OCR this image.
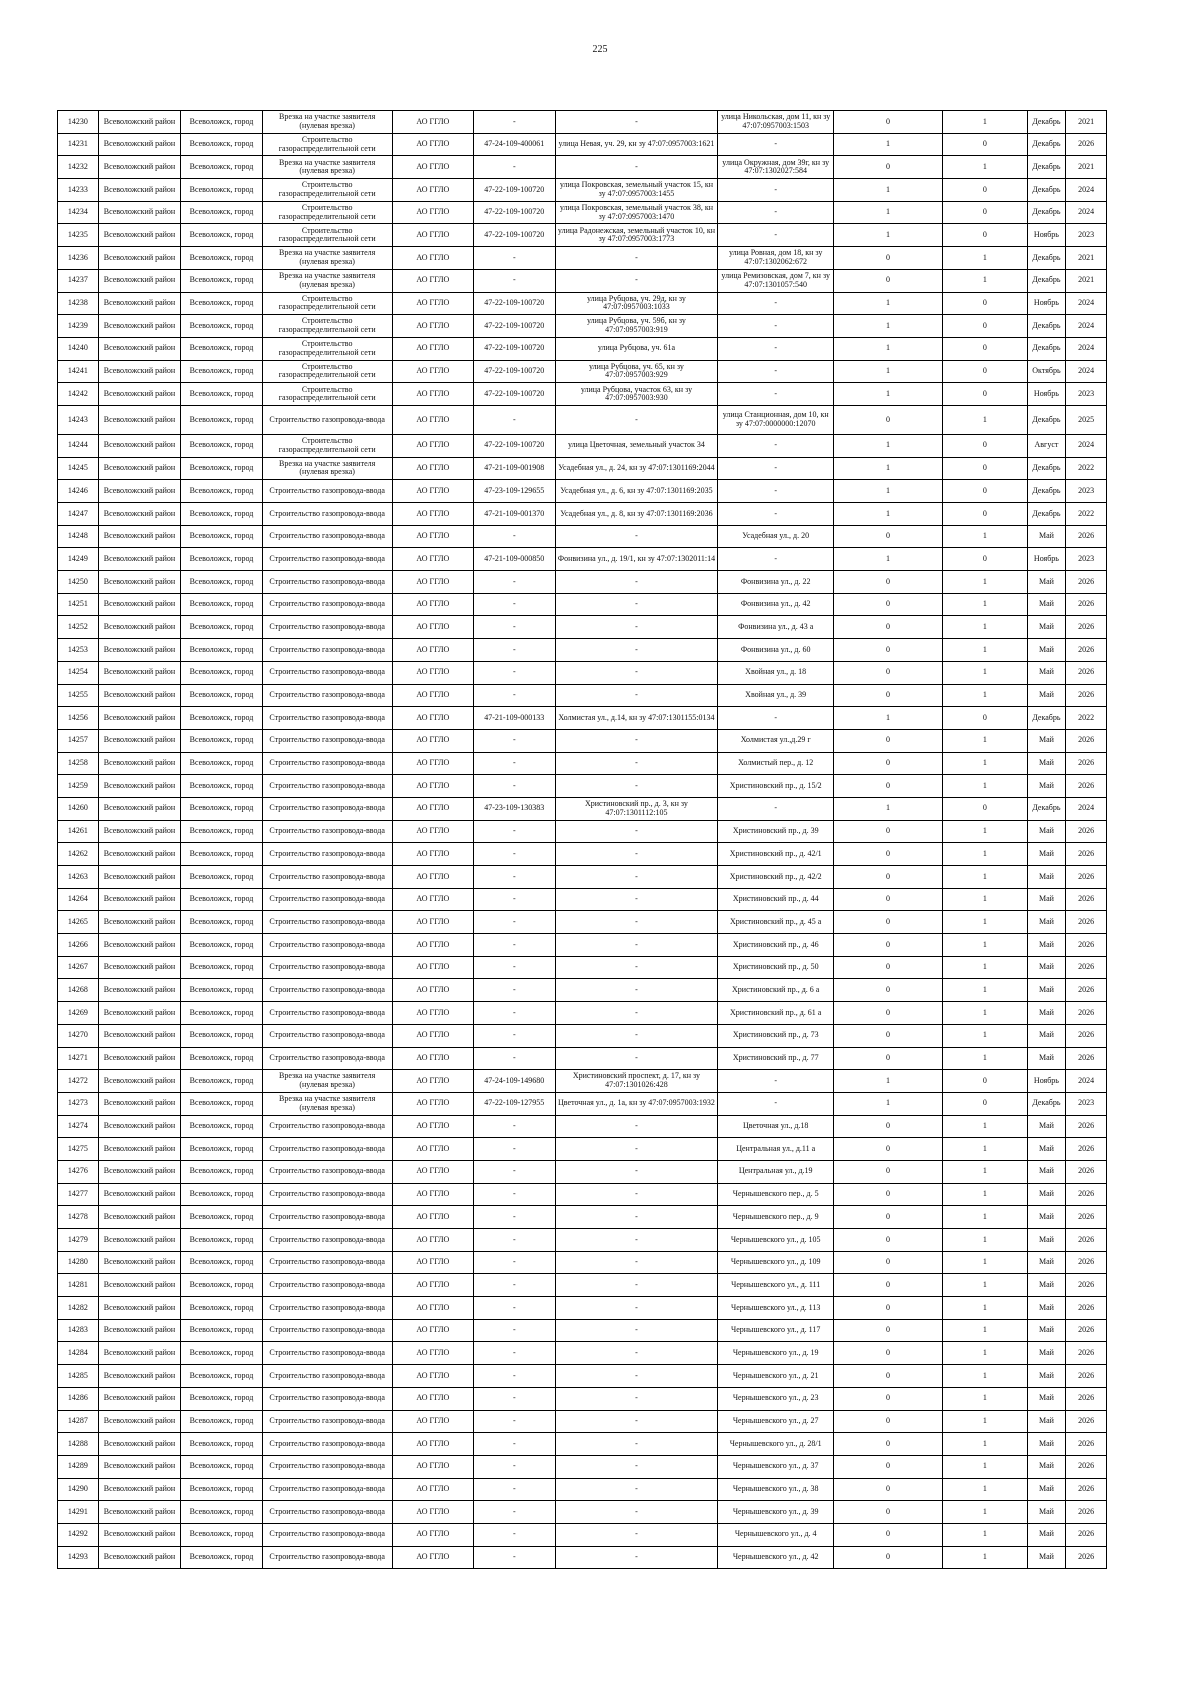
225
14230	Всеволожский район	Всеволожск, город	Врезка на участке заявителя (нулевая врезка)	АО ГГЛО	-	-	улица Никольская, дом 11, кн зу 47:07:0957003:1503	0	1	Декабрь	2021
14231	Всеволожский район	Всеволожск, город	Строительство газораспределительной сети	АО ГГЛО	47-24-109-400061	улица Невая, уч. 29, кн зу 47:07:0957003:1621	-	1	0	Декабрь	2026
14232	Всеволожский район	Всеволожск, город	Врезка на участке заявителя (нулевая врезка)	АО ГГЛО	-	-	улица Окружная, дом 39г, кн зу 47:07:1302027:584	0	1	Декабрь	2021
14233	Всеволожский район	Всеволожск, город	Строительство газораспределительной сети	АО ГГЛО	47-22-109-100720	улица Покровская, земельный участок 15, кн зу 47:07:0957003:1455	-	1	0	Декабрь	2024
14234	Всеволожский район	Всеволожск, город	Строительство газораспределительной сети	АО ГГЛО	47-22-109-100720	улица Покровская, земельный участок 38, кн зу 47:07:0957003:1470	-	1	0	Декабрь	2024
14235	Всеволожский район	Всеволожск, город	Строительство газораспределительной сети	АО ГГЛО	47-22-109-100720	улица Радонежская, земельный участок 10, кн зу 47:07:0957003:1773	-	1	0	Ноябрь	2023
14236	Всеволожский район	Всеволожск, город	Врезка на участке заявителя (нулевая врезка)	АО ГГЛО	-	-	улица Ровная, дом 18, кн зу 47:07:1302062:672	0	1	Декабрь	2021
14237	Всеволожский район	Всеволожск, город	Врезка на участке заявителя (нулевая врезка)	АО ГГЛО	-	-	улица Ремизовская, дом 7, кн зу 47:07:1301057:540	0	1	Декабрь	2021
14238	Всеволожский район	Всеволожск, город	Строительство газораспределительной сети	АО ГГЛО	47-22-109-100720	улица Рубцова, уч. 29д, кн зу 47:07:0957003:1033	-	1	0	Ноябрь	2024
14239	Всеволожский район	Всеволожск, город	Строительство газораспределительной сети	АО ГГЛО	47-22-109-100720	улица Рубцова, уч. 59б, кн зу 47:07:0957003:919	-	1	0	Декабрь	2024
14240	Всеволожский район	Всеволожск, город	Строительство газораспределительной сети	АО ГГЛО	47-22-109-100720	улица Рубцова, уч. 61а	-	1	0	Декабрь	2024
14241	Всеволожский район	Всеволожск, город	Строительство газораспределительной сети	АО ГГЛО	47-22-109-100720	улица Рубцова, уч. 65, кн зу 47:07:0957003:929	-	1	0	Октябрь	2024
14242	Всеволожский район	Всеволожск, город	Строительство газораспределительной сети	АО ГГЛО	47-22-109-100720	улица Рубцова, участок 63, кн зу 47:07:0957003:930	-	1	0	Ноябрь	2023
14243	Всеволожский район	Всеволожск, город	Строительство газопровода-ввода	АО ГГЛО	-	-	улица Станционная, дом 10, кн зу 47:07:0000000:12070	0	1	Декабрь	2025
14244	Всеволожский район	Всеволожск, город	Строительство газораспределительной сети	АО ГГЛО	47-22-109-100720	улица Цветочная, земельный участок 34	-	1	0	Август	2024
14245	Всеволожский район	Всеволожск, город	Врезка на участке заявителя (нулевая врезка)	АО ГГЛО	47-21-109-001908	Усадебная ул., д. 24, кн зу 47:07:1301169:2044	-	1	0	Декабрь	2022
14246	Всеволожский район	Всеволожск, город	Строительство газопровода-ввода	АО ГГЛО	47-23-109-129655	Усадебная ул., д. 6, кн зу 47:07:1301169:2035	-	1	0	Декабрь	2023
14247	Всеволожский район	Всеволожск, город	Строительство газопровода-ввода	АО ГГЛО	47-21-109-001370	Усадебная ул., д. 8, кн зу 47:07:1301169:2036	-	1	0	Декабрь	2022
14248	Всеволожский район	Всеволожск, город	Строительство газопровода-ввода	АО ГГЛО	-	-	Усадебная ул., д. 20	0	1	Май	2026
14249	Всеволожский район	Всеволожск, город	Строительство газопровода-ввода	АО ГГЛО	47-21-109-000850	Фонвизина ул., д. 19/1, кн зу 47:07:1302011:14	-	1	0	Ноябрь	2023
14250	Всеволожский район	Всеволожск, город	Строительство газопровода-ввода	АО ГГЛО	-	-	Фонвизина ул., д. 22	0	1	Май	2026
14251	Всеволожский район	Всеволожск, город	Строительство газопровода-ввода	АО ГГЛО	-	-	Фонвизина ул., д. 42	0	1	Май	2026
14252	Всеволожский район	Всеволожск, город	Строительство газопровода-ввода	АО ГГЛО	-	-	Фонвизина ул., д. 43 а	0	1	Май	2026
14253	Всеволожский район	Всеволожск, город	Строительство газопровода-ввода	АО ГГЛО	-	-	Фонвизина ул., д. 60	0	1	Май	2026
14254	Всеволожский район	Всеволожск, город	Строительство газопровода-ввода	АО ГГЛО	-	-	Хвойная ул., д. 18	0	1	Май	2026
14255	Всеволожский район	Всеволожск, город	Строительство газопровода-ввода	АО ГГЛО	-	-	Хвойная ул., д. 39	0	1	Май	2026
14256	Всеволожский район	Всеволожск, город	Строительство газопровода-ввода	АО ГГЛО	47-21-109-000133	Холмистая ул., д.14, кн зу 47:07:1301155:0134	-	1	0	Декабрь	2022
14257	Всеволожский район	Всеволожск, город	Строительство газопровода-ввода	АО ГГЛО	-	-	Холмистая ул.,д.29 г	0	1	Май	2026
14258	Всеволожский район	Всеволожск, город	Строительство газопровода-ввода	АО ГГЛО	-	-	Холмистый пер., д. 12	0	1	Май	2026
14259	Всеволожский район	Всеволожск, город	Строительство газопровода-ввода	АО ГГЛО	-	-	Христиновский пр., д. 15/2	0	1	Май	2026
14260	Всеволожский район	Всеволожск, город	Строительство газопровода-ввода	АО ГГЛО	47-23-109-130383	Христиновский пр., д. 3, кн зу 47:07:1301112:105	-	1	0	Декабрь	2024
14261	Всеволожский район	Всеволожск, город	Строительство газопровода-ввода	АО ГГЛО	-	-	Христиновский пр., д. 39	0	1	Май	2026
14262	Всеволожский район	Всеволожск, город	Строительство газопровода-ввода	АО ГГЛО	-	-	Христиновский пр., д. 42/1	0	1	Май	2026
14263	Всеволожский район	Всеволожск, город	Строительство газопровода-ввода	АО ГГЛО	-	-	Христиновский пр., д. 42/2	0	1	Май	2026
14264	Всеволожский район	Всеволожск, город	Строительство газопровода-ввода	АО ГГЛО	-	-	Христиновский пр., д. 44	0	1	Май	2026
14265	Всеволожский район	Всеволожск, город	Строительство газопровода-ввода	АО ГГЛО	-	-	Христиновский пр., д. 45 а	0	1	Май	2026
14266	Всеволожский район	Всеволожск, город	Строительство газопровода-ввода	АО ГГЛО	-	-	Христиновский пр., д. 46	0	1	Май	2026
14267	Всеволожский район	Всеволожск, город	Строительство газопровода-ввода	АО ГГЛО	-	-	Христиновский пр., д. 50	0	1	Май	2026
14268	Всеволожский район	Всеволожск, город	Строительство газопровода-ввода	АО ГГЛО	-	-	Христиновский пр., д. 6 а	0	1	Май	2026
14269	Всеволожский район	Всеволожск, город	Строительство газопровода-ввода	АО ГГЛО	-	-	Христиновский пр., д. 61 а	0	1	Май	2026
14270	Всеволожский район	Всеволожск, город	Строительство газопровода-ввода	АО ГГЛО	-	-	Христиновский пр., д. 73	0	1	Май	2026
14271	Всеволожский район	Всеволожск, город	Строительство газопровода-ввода	АО ГГЛО	-	-	Христиновский пр., д. 77	0	1	Май	2026
14272	Всеволожский район	Всеволожск, город	Врезка на участке заявителя (нулевая врезка)	АО ГГЛО	47-24-109-149680	Христиновский проспект, д. 17, кн зу 47:07:1301026:428	-	1	0	Ноябрь	2024
14273	Всеволожский район	Всеволожск, город	Врезка на участке заявителя (нулевая врезка)	АО ГГЛО	47-22-109-127955	Цветочная ул., д. 1а, кн зу 47:07:0957003:1932	-	1	0	Декабрь	2023
14274	Всеволожский район	Всеволожск, город	Строительство газопровода-ввода	АО ГГЛО	-	-	Цветочная ул., д.18	0	1	Май	2026
14275	Всеволожский район	Всеволожск, город	Строительство газопровода-ввода	АО ГГЛО	-	-	Центральная ул., д.11 а	0	1	Май	2026
14276	Всеволожский район	Всеволожск, город	Строительство газопровода-ввода	АО ГГЛО	-	-	Центральная ул., д.19	0	1	Май	2026
14277	Всеволожский район	Всеволожск, город	Строительство газопровода-ввода	АО ГГЛО	-	-	Чернышевского пер., д. 5	0	1	Май	2026
14278	Всеволожский район	Всеволожск, город	Строительство газопровода-ввода	АО ГГЛО	-	-	Чернышевского пер., д. 9	0	1	Май	2026
14279	Всеволожский район	Всеволожск, город	Строительство газопровода-ввода	АО ГГЛО	-	-	Чернышевского ул., д. 105	0	1	Май	2026
14280	Всеволожский район	Всеволожск, город	Строительство газопровода-ввода	АО ГГЛО	-	-	Чернышевского ул., д. 109	0	1	Май	2026
14281	Всеволожский район	Всеволожск, город	Строительство газопровода-ввода	АО ГГЛО	-	-	Чернышевского ул., д. 111	0	1	Май	2026
14282	Всеволожский район	Всеволожск, город	Строительство газопровода-ввода	АО ГГЛО	-	-	Чернышевского ул., д. 113	0	1	Май	2026
14283	Всеволожский район	Всеволожск, город	Строительство газопровода-ввода	АО ГГЛО	-	-	Чернышевского ул., д. 117	0	1	Май	2026
14284	Всеволожский район	Всеволожск, город	Строительство газопровода-ввода	АО ГГЛО	-	-	Чернышевского ул., д. 19	0	1	Май	2026
14285	Всеволожский район	Всеволожск, город	Строительство газопровода-ввода	АО ГГЛО	-	-	Чернышевского ул., д. 21	0	1	Май	2026
14286	Всеволожский район	Всеволожск, город	Строительство газопровода-ввода	АО ГГЛО	-	-	Чернышевского ул., д. 23	0	1	Май	2026
14287	Всеволожский район	Всеволожск, город	Строительство газопровода-ввода	АО ГГЛО	-	-	Чернышевского ул., д. 27	0	1	Май	2026
14288	Всеволожский район	Всеволожск, город	Строительство газопровода-ввода	АО ГГЛО	-	-	Чернышевского ул., д. 28/1	0	1	Май	2026
14289	Всеволожский район	Всеволожск, город	Строительство газопровода-ввода	АО ГГЛО	-	-	Чернышевского ул., д. 37	0	1	Май	2026
14290	Всеволожский район	Всеволожск, город	Строительство газопровода-ввода	АО ГГЛО	-	-	Чернышевского ул., д. 38	0	1	Май	2026
14291	Всеволожский район	Всеволожск, город	Строительство газопровода-ввода	АО ГГЛО	-	-	Чернышевского ул., д. 39	0	1	Май	2026
14292	Всеволожский район	Всеволожск, город	Строительство газопровода-ввода	АО ГГЛО	-	-	Чернышевского ул., д. 4	0	1	Май	2026
14293	Всеволожский район	Всеволожск, город	Строительство газопровода-ввода	АО ГГЛО	-	-	Чернышевского ул., д. 42	0	1	Май	2026
